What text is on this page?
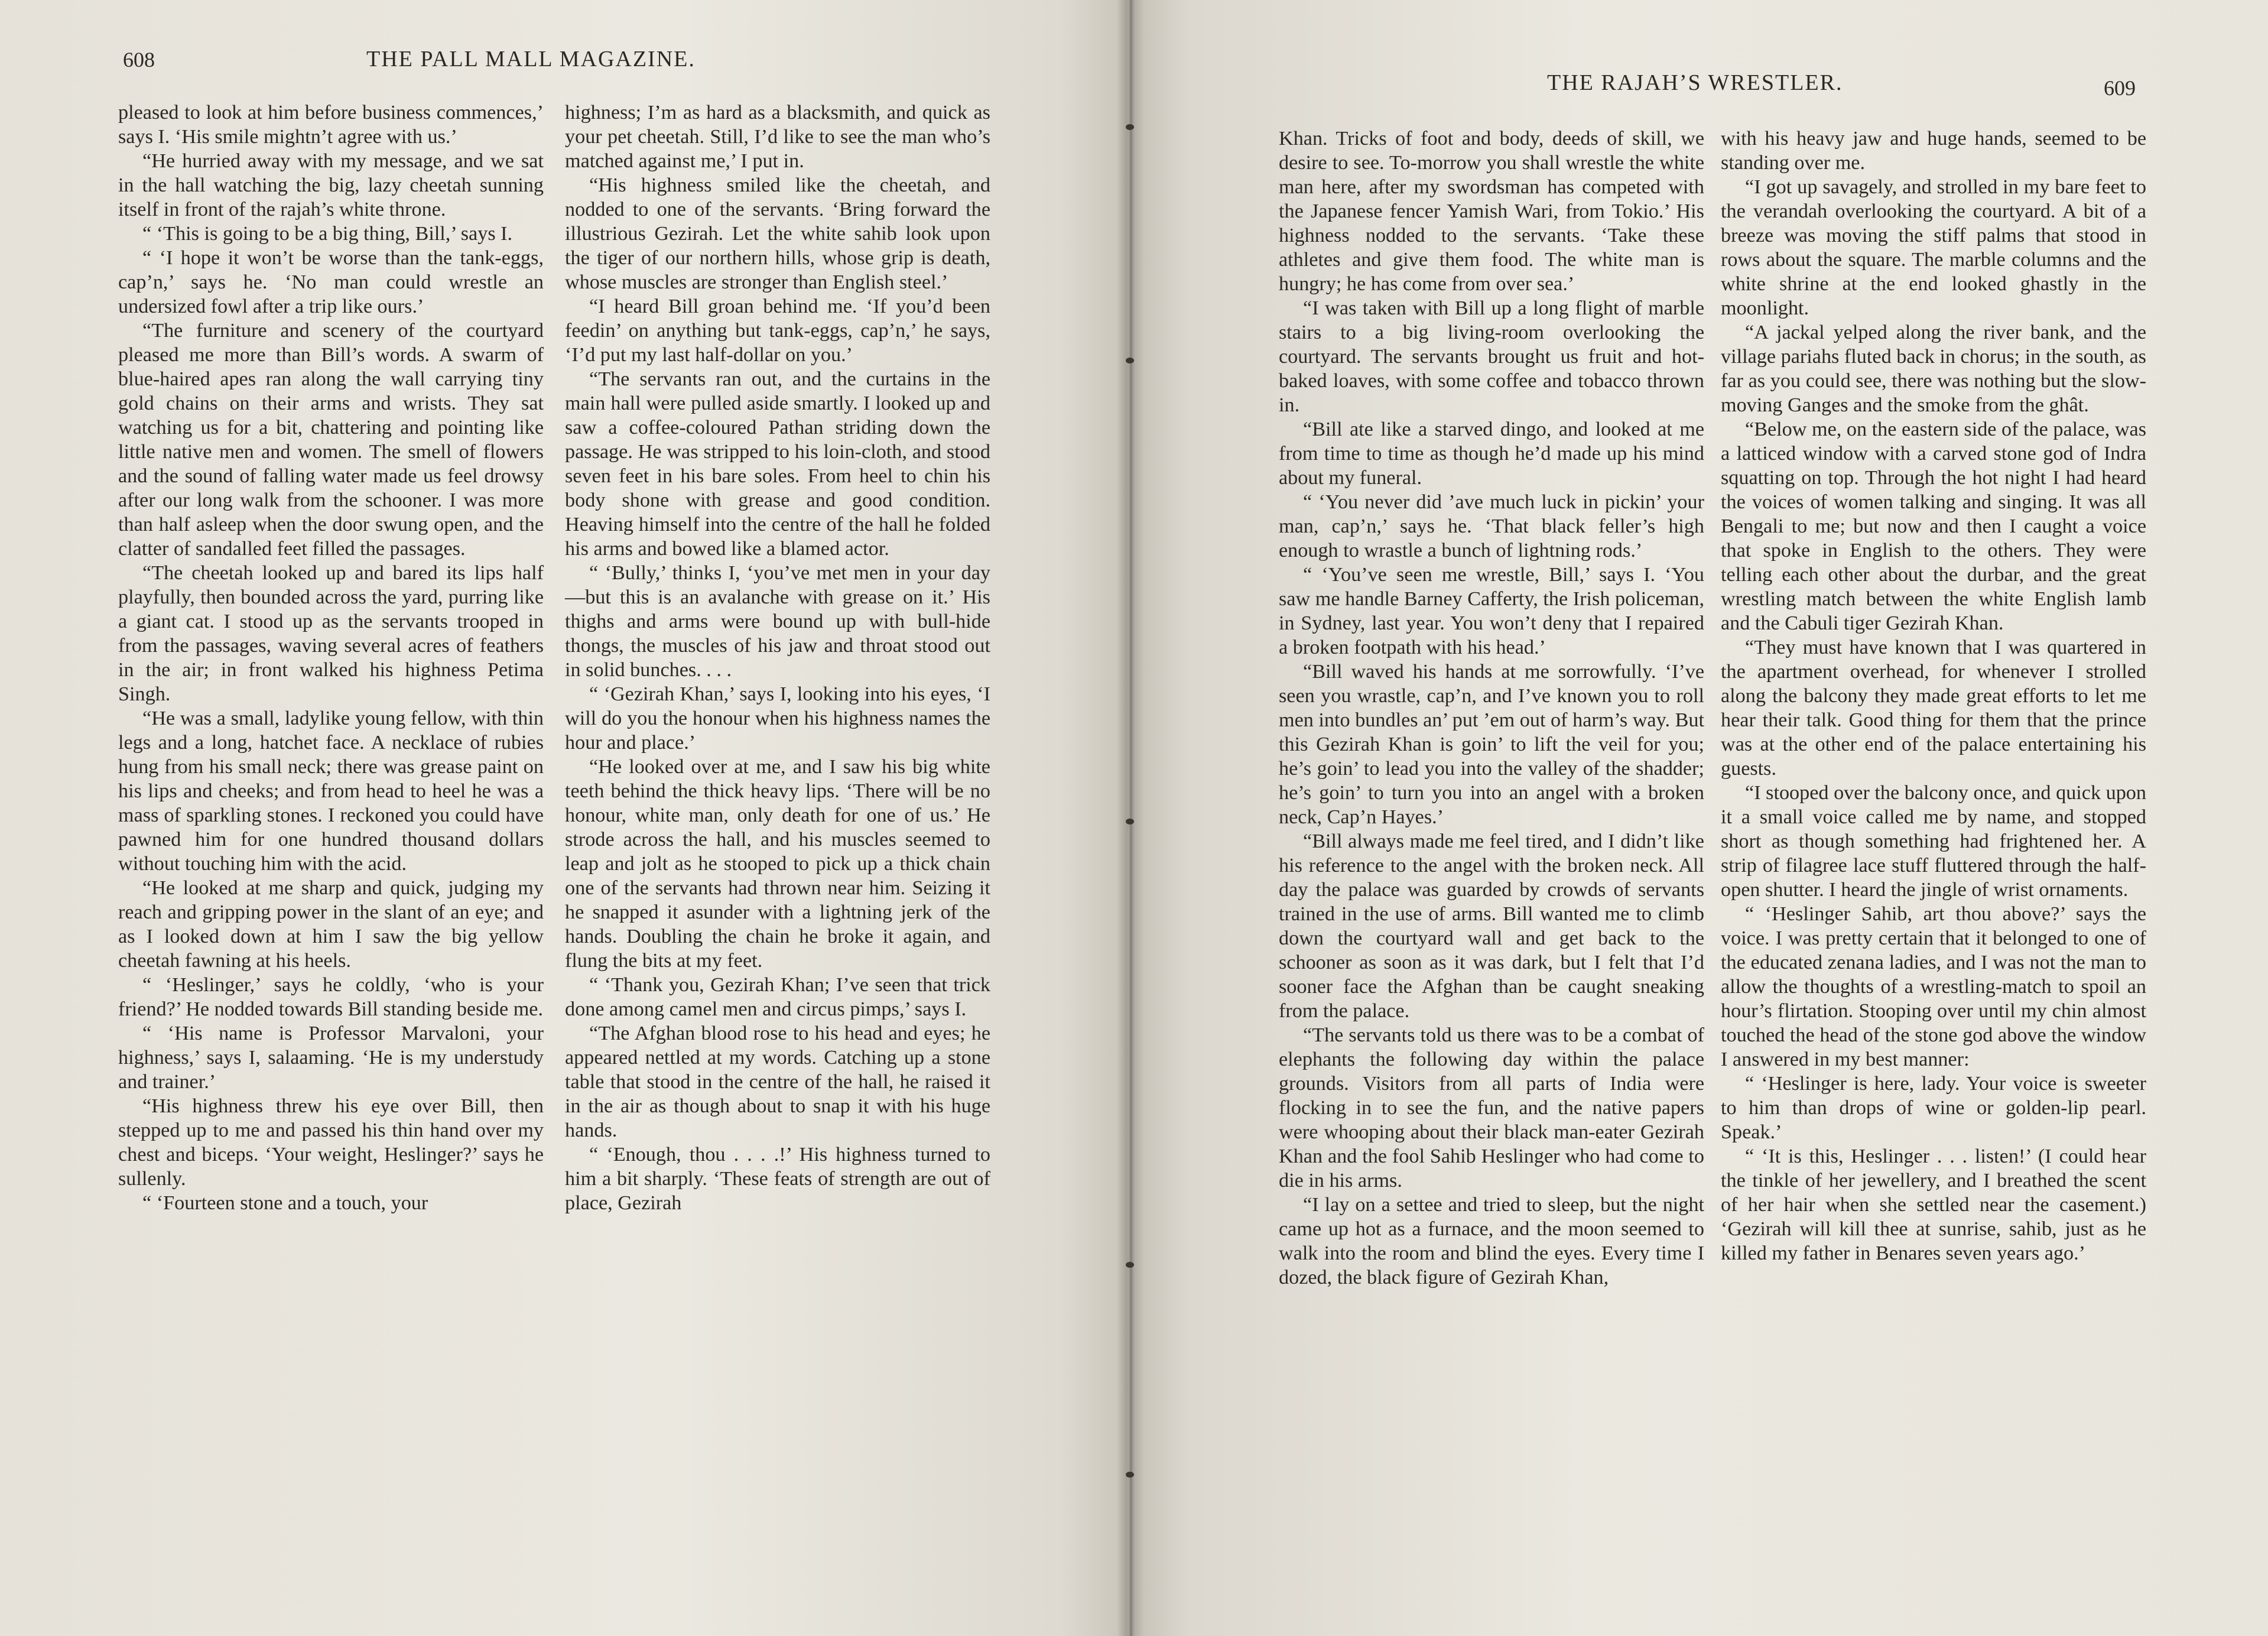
608	THE PALL MALL MAGAZINE.

pleased to look at him before business commences,’ says I. ‘His smile mightn’t agree with us.’

“He hurried away with my message, and we sat in the hall watching the big, lazy cheetah sunning itself in front of the rajah’s white throne.

“ ‘This is going to be a big thing, Bill,’ says I.

“ ‘I hope it won’t be worse than the tank-eggs, cap’n,’ says he. ‘No man could wrestle an undersized fowl after a trip like ours.’

“The furniture and scenery of the courtyard pleased me more than Bill’s words. A swarm of blue-haired apes ran along the wall carrying tiny gold chains on their arms and wrists. They sat watching us for a bit, chattering and pointing like little native men and women. The smell of flowers and the sound of falling water made us feel drowsy after our long walk from the schooner. I was more than half asleep when the door swung open, and the clatter of sandalled feet filled the passages.

“The cheetah looked up and bared its lips half playfully, then bounded across the yard, purring like a giant cat. I stood up as the servants trooped in from the passages, waving several acres of feathers in the air; in front walked his highness Petima Singh.

“He was a small, ladylike young fellow, with thin legs and a long, hatchet face. A necklace of rubies hung from his small neck; there was grease paint on his lips and cheeks; and from head to heel he was a mass of sparkling stones. I reckoned you could have pawned him for one hundred thousand dollars without touching him with the acid.

“He looked at me sharp and quick, judging my reach and gripping power in the slant of an eye; and as I looked down at him I saw the big yellow cheetah fawning at his heels.

“ ‘Heslinger,’ says he coldly, ‘who is your friend?’ He nodded towards Bill standing beside me.

“ ‘His name is Professor Marvaloni, your highness,’ says I, salaaming. ‘He is my understudy and trainer.’

“His highness threw his eye over Bill, then stepped up to me and passed his thin hand over my chest and biceps. ‘Your weight, Heslinger?’ says he sullenly.

“ ‘Fourteen stone and a touch, your

highness; I’m as hard as a blacksmith, and quick as your pet cheetah. Still, I’d like to see the man who’s matched against me,’ I put in.

“His highness smiled like the cheetah, and nodded to one of the servants. ‘Bring forward the illustrious Gezirah. Let the white sahib look upon the tiger of our northern hills, whose grip is death, whose muscles are stronger than English steel.’

“I heard Bill groan behind me. ‘If you’d been feedin’ on anything but tank-eggs, cap’n,’ he says, ‘I’d put my last half-dollar on you.’

“The servants ran out, and the curtains in the main hall were pulled aside smartly. I looked up and saw a coffee-coloured Pathan striding down the passage. He was stripped to his loin-cloth, and stood seven feet in his bare soles. From heel to chin his body shone with grease and good condition. Heaving himself into the centre of the hall he folded his arms and bowed like a blamed actor.

“ ‘Bully,’ thinks I, ‘you’ve met men in your day—but this is an avalanche with grease on it.’ His thighs and arms were bound up with bull-hide thongs, the muscles of his jaw and throat stood out in solid bunches. . . .

“ ‘Gezirah Khan,’ says I, looking into his eyes, ‘I will do you the honour when his highness names the hour and place.’

“He looked over at me, and I saw his big white teeth behind the thick heavy lips. ‘There will be no honour, white man, only death for one of us.’ He strode across the hall, and his muscles seemed to leap and jolt as he stooped to pick up a thick chain one of the servants had thrown near him. Seizing it he snapped it asunder with a lightning jerk of the hands. Doubling the chain he broke it again, and flung the bits at my feet.

“ ‘Thank you, Gezirah Khan; I’ve seen that trick done among camel men and circus pimps,’ says I.

“The Afghan blood rose to his head and eyes; he appeared nettled at my words. Catching up a stone table that stood in the centre of the hall, he raised it in the air as though about to snap it with his huge hands.

“ ‘Enough, thou . . . .!’ His highness turned to him a bit sharply. ‘These feats of strength are out of place, Gezirah

THE RAJAH’S WRESTLER.	609

Khan. Tricks of foot and body, deeds of skill, we desire to see. To-morrow you shall wrestle the white man here, after my swordsman has competed with the Japanese fencer Yamish Wari, from Tokio.’ His highness nodded to the servants. ‘Take these athletes and give them food. The white man is hungry; he has come from over sea.’

“I was taken with Bill up a long flight of marble stairs to a big living-room overlooking the courtyard. The servants brought us fruit and hot-baked loaves, with some coffee and tobacco thrown in.

“Bill ate like a starved dingo, and looked at me from time to time as though he’d made up his mind about my funeral.

“ ‘You never did ’ave much luck in pickin’ your man, cap’n,’ says he. ‘That black feller’s high enough to wrastle a bunch of lightning rods.’

“ ‘You’ve seen me wrestle, Bill,’ says I. ‘You saw me handle Barney Cafferty, the Irish policeman, in Sydney, last year. You won’t deny that I repaired a broken footpath with his head.’

“Bill waved his hands at me sorrowfully. ‘I’ve seen you wrastle, cap’n, and I’ve known you to roll men into bundles an’ put ’em out of harm’s way. But this Gezirah Khan is goin’ to lift the veil for you; he’s goin’ to lead you into the valley of the shadder; he’s goin’ to turn you into an angel with a broken neck, Cap’n Hayes.’

“Bill always made me feel tired, and I didn’t like his reference to the angel with the broken neck. All day the palace was guarded by crowds of servants trained in the use of arms. Bill wanted me to climb down the courtyard wall and get back to the schooner as soon as it was dark, but I felt that I’d sooner face the Afghan than be caught sneaking from the palace.

“The servants told us there was to be a combat of elephants the following day within the palace grounds. Visitors from all parts of India were flocking in to see the fun, and the native papers were whooping about their black man-eater Gezirah Khan and the fool Sahib Heslinger who had come to die in his arms.

“I lay on a settee and tried to sleep, but the night came up hot as a furnace, and the moon seemed to walk into the room and blind the eyes. Every time I dozed, the black figure of Gezirah Khan,

with his heavy jaw and huge hands, seemed to be standing over me.

“I got up savagely, and strolled in my bare feet to the verandah overlooking the courtyard. A bit of a breeze was moving the stiff palms that stood in rows about the square. The marble columns and the white shrine at the end looked ghastly in the moonlight.

“A jackal yelped along the river bank, and the village pariahs fluted back in chorus; in the south, as far as you could see, there was nothing but the slow-moving Ganges and the smoke from the ghât.

“Below me, on the eastern side of the palace, was a latticed window with a carved stone god of Indra squatting on top. Through the hot night I had heard the voices of women talking and singing. It was all Bengali to me; but now and then I caught a voice that spoke in English to the others. They were telling each other about the durbar, and the great wrestling match between the white English lamb and the Cabuli tiger Gezirah Khan.

“They must have known that I was quartered in the apartment overhead, for whenever I strolled along the balcony they made great efforts to let me hear their talk. Good thing for them that the prince was at the other end of the palace entertaining his guests.

“I stooped over the balcony once, and quick upon it a small voice called me by name, and stopped short as though something had frightened her. A strip of filagree lace stuff fluttered through the half-open shutter. I heard the jingle of wrist ornaments.

“ ‘Heslinger Sahib, art thou above?’ says the voice. I was pretty certain that it belonged to one of the educated zenana ladies, and I was not the man to allow the thoughts of a wrestling-match to spoil an hour’s flirtation. Stooping over until my chin almost touched the head of the stone god above the window I answered in my best manner:

“ ‘Heslinger is here, lady. Your voice is sweeter to him than drops of wine or golden-lip pearl. Speak.’

“ ‘It is this, Heslinger . . . listen!’ (I could hear the tinkle of her jewellery, and I breathed the scent of her hair when she settled near the casement.) ‘Gezirah will kill thee at sunrise, sahib, just as he killed my father in Benares seven years ago.’
